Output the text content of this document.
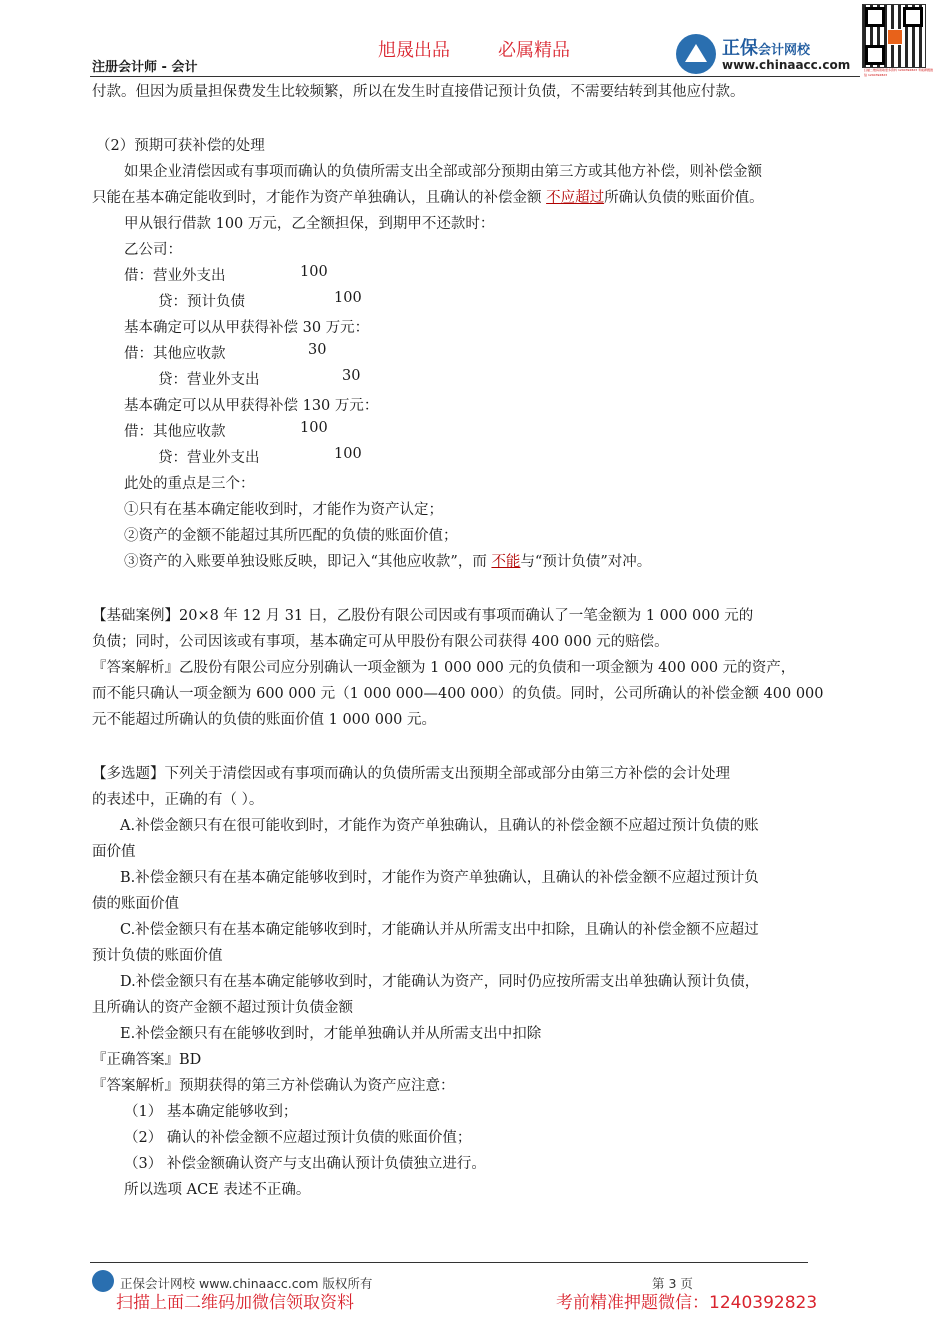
旭晟出品	必属精品
注册会计师 - 会计
正保会计网校
www.chinaacc.com	扫描二维码领取更多资料 1240392823 考前押题微信 1240392823
付款。但因为质量担保费发生比较频繁，所以在发生时直接借记预计负债，不需要结转到其他应付款。
（2）预期可获补偿的处理
如果企业清偿因或有事项而确认的负债所需支出全部或部分预期由第三方或其他方补偿，则补偿金额
只能在基本确定能收到时，才能作为资产单独确认，且确认的补偿金额 不应超过所确认负债的账面价值。
甲从银行借款 100 万元，乙全额担保，到期甲不还款时：
乙公司：
借：营业外支出	100
贷：预计负债	100
基本确定可以从甲获得补偿 30 万元：
借：其他应收款	30
贷：营业外支出	30
基本确定可以从甲获得补偿 130 万元：
借：其他应收款	100
贷：营业外支出	100
此处的重点是三个：
①只有在基本确定能收到时，才能作为资产认定；
②资产的金额不能超过其所匹配的负债的账面价值；
③资产的入账要单独设账反映，即记入“其他应收款”，而 不能与“预计负债”对冲。
【基础案例】20×8 年 12 月 31 日，乙股份有限公司因或有事项而确认了一笔金额为 1 000 000 元的
负债；同时，公司因该或有事项，基本确定可从甲股份有限公司获得 400 000 元的赔偿。
『答案解析』乙股份有限公司应分别确认一项金额为 1 000 000 元的负债和一项金额为 400 000 元的资产，
而不能只确认一项金额为 600 000 元（1 000 000—400 000）的负债。同时，公司所确认的补偿金额 400 000
元不能超过所确认的负债的账面价值 1 000 000 元。
【多选题】下列关于清偿因或有事项而确认的负债所需支出预期全部或部分由第三方补偿的会计处理
的表述中，正确的有（ ）。
A.补偿金额只有在很可能收到时，才能作为资产单独确认，且确认的补偿金额不应超过预计负债的账
面价值
B.补偿金额只有在基本确定能够收到时，才能作为资产单独确认，且确认的补偿金额不应超过预计负
债的账面价值
C.补偿金额只有在基本确定能够收到时，才能确认并从所需支出中扣除，且确认的补偿金额不应超过
预计负债的账面价值
D.补偿金额只有在基本确定能够收到时，才能确认为资产，同时仍应按所需支出单独确认预计负债，
且所确认的资产金额不超过预计负债金额
E.补偿金额只有在能够收到时，才能单独确认并从所需支出中扣除
『正确答案』BD
『答案解析』预期获得的第三方补偿确认为资产应注意：
（1） 基本确定能够收到；
（2） 确认的补偿金额不应超过预计负债的账面价值；
（3） 补偿金额确认资产与支出确认预计负债独立进行。
所以选项 ACE 表述不正确。
正保会计网校 www.chinaacc.com 版权所有	第 3 页
扫描上面二维码加微信领取资料	考前精准押题微信：1240392823
